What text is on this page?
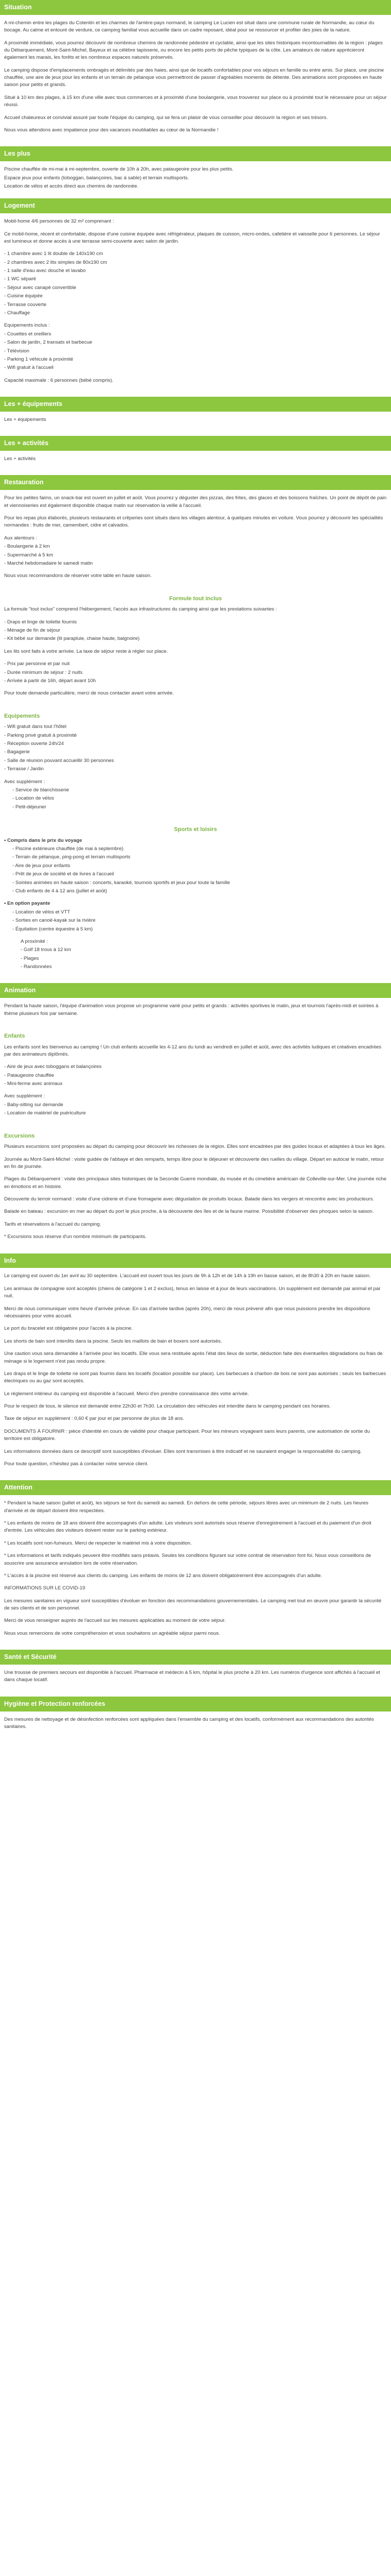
Situation

A mi-chemin entre les plages du Cotentin et les charmes de l'arrière-pays normand, le camping Le Lucien est situé dans une commune rurale de Normandie, au cœur du bocage. Au calme et entouré de verdure, ce camping familial vous accueille dans un cadre reposant, idéal pour se ressourcer et profiter des joies de la nature.

A proximité immédiate, vous pourrez découvrir de nombreux chemins de randonnée pédestre et cyclable, ainsi que les sites historiques incontournables de la région : plages du Débarquement, Mont-Saint-Michel, Bayeux et sa célèbre tapisserie, ou encore les petits ports de pêche typiques de la côte. Les amateurs de nature apprécieront également les marais, les forêts et les nombreux espaces naturels préservés.

Le camping dispose d'emplacements ombragés et délimités par des haies, ainsi que de locatifs confortables pour vos séjours en famille ou entre amis. Sur place, une piscine chauffée, une aire de jeux pour les enfants et un terrain de pétanque vous permettront de passer d'agréables moments de détente. Des animations sont proposées en haute saison pour petits et grands.

Situé à 10 km des plages, à 15 km d'une ville avec tous commerces et à proximité d'une boulangerie, vous trouverez sur place ou à proximité tout le nécessaire pour un séjour réussi.

Accueil chaleureux et convivial assuré par toute l'équipe du camping, qui se fera un plaisir de vous conseiller pour découvrir la région et ses trésors.

Nous vous attendons avec impatience pour des vacances inoubliables au cœur de la Normandie !

Les plus
Piscine chauffée de mi-mai à mi-septembre, ouverte de 10h à 20h, avec pataugeoire pour les plus petits.
Espace jeux pour enfants (toboggan, balançoires, bac à sable) et terrain multisports.
Location de vélos et accès direct aux chemins de randonnée.
Logement

Mobil-home 4/6 personnes de 32 m² comprenant :

Ce mobil-home, récent et confortable, dispose d'une cuisine équipée avec réfrigérateur, plaques de cuisson, micro-ondes, cafetière et vaisselle pour 6 personnes. Le séjour est lumineux et donne accès à une terrasse semi-couverte avec salon de jardin.

- 1 chambre avec 1 lit double de 140x190 cm
- 2 chambres avec 2 lits simples de 80x190 cm
- 1 salle d'eau avec douche et lavabo
- 1 WC séparé
- Séjour avec canapé convertible
- Cuisine équipée
- Terrasse couverte
- Chauffage
Equipements inclus :
- Couettes et oreillers
- Salon de jardin, 2 transats et barbecue
- Télévision
- Parking 1 véhicule à proximité
- Wifi gratuit à l'accueil

Capacité maximale : 6 personnes (bébé compris).

Les + équipements

Les + équipements

Les + activités

Les + activités

Restauration

Pour les petites faims, un snack-bar est ouvert en juillet et août. Vous pourrez y déguster des pizzas, des frites, des glaces et des boissons fraîches. Un point de dépôt de pain et viennoiseries est également disponible chaque matin sur réservation la veille à l'accueil.

Pour les repas plus élaborés, plusieurs restaurants et crêperies sont situés dans les villages alentour, à quelques minutes en voiture. Vous pourrez y découvrir les spécialités normandes : fruits de mer, camembert, cidre et calvados.

Aux alentours :
- Boulangerie à 2 km
- Supermarché à 5 km
- Marché hebdomadaire le samedi matin

Nous vous recommandons de réserver votre table en haute saison.

Formule tout inclus

La formule "tout inclus" comprend l'hébergement, l'accès aux infrastructures du camping ainsi que les prestations suivantes :

- Draps et linge de toilette fournis
- Ménage de fin de séjour
- Kit bébé sur demande (lit parapluie, chaise haute, baignoire)

Les lits sont faits à votre arrivée. La taxe de séjour reste à régler sur place.

- Prix par personne et par nuit
- Durée minimum de séjour : 2 nuits
- Arrivée à partir de 16h, départ avant 10h

Pour toute demande particulière, merci de nous contacter avant votre arrivée.

Equipements
- Wifi gratuit dans tout l'hôtel
- Parking privé gratuit à proximité
- Réception ouverte 24h/24
- Bagagerie
- Salle de réunion pouvant accueillir 30 personnes
- Terrasse / Jardin
Avec supplément :
- Service de blanchisserie
- Location de vélos
- Petit-déjeuner
Sports et loisirs
• Compris dans le prix du voyage
- Piscine extérieure chauffée (de mai à septembre)
- Terrain de pétanque, ping-pong et terrain multisports
- Aire de jeux pour enfants
- Prêt de jeux de société et de livres à l'accueil
- Soirées animées en haute saison : concerts, karaoké, tournois sportifs et jeux pour toute la famille
- Club enfants de 4 à 12 ans (juillet et août)
• En option payante
- Location de vélos et VTT
- Sorties en canoë-kayak sur la rivière
- Équitation (centre équestre à 5 km)
A proximité :
- Golf 18 trous à 12 km
- Plages
- Randonnées
Animation

Pendant la haute saison, l'équipe d'animation vous propose un programme varié pour petits et grands : activités sportives le matin, jeux et tournois l'après-midi et soirées à thème plusieurs fois par semaine.

Enfants

Les enfants sont les bienvenus au camping ! Un club enfants accueille les 4-12 ans du lundi au vendredi en juillet et août, avec des activités ludiques et créatives encadrées par des animateurs diplômés.

- Aire de jeux avec toboggans et balançoires
- Pataugeoire chauffée
- Mini-ferme avec animaux
Avec supplément :
- Baby-sitting sur demande
- Location de matériel de puériculture
Excursions

Plusieurs excursions sont proposées au départ du camping pour découvrir les richesses de la région. Elles sont encadrées par des guides locaux et adaptées à tous les âges.

Journée au Mont-Saint-Michel : visite guidée de l'abbaye et des remparts, temps libre pour le déjeuner et découverte des ruelles du village. Départ en autocar le matin, retour en fin de journée.

Plages du Débarquement : visite des principaux sites historiques de la Seconde Guerre mondiale, du musée et du cimetière américain de Colleville-sur-Mer. Une journée riche en émotions et en histoire.

Découverte du terroir normand : visite d'une cidrerie et d'une fromagerie avec dégustation de produits locaux. Balade dans les vergers et rencontre avec les producteurs.

Balade en bateau : excursion en mer au départ du port le plus proche, à la découverte des îles et de la faune marine. Possibilité d'observer des phoques selon la saison.

Tarifs et réservations à l'accueil du camping.

* Excursions sous réserve d'un nombre minimum de participants.

Info

Le camping est ouvert du 1er avril au 30 septembre. L'accueil est ouvert tous les jours de 9h à 12h et de 14h à 19h en basse saison, et de 8h30 à 20h en haute saison.

Les animaux de compagnie sont acceptés (chiens de catégorie 1 et 2 exclus), tenus en laisse et à jour de leurs vaccinations. Un supplément est demandé par animal et par nuit.

Merci de nous communiquer votre heure d'arrivée prévue. En cas d'arrivée tardive (après 20h), merci de nous prévenir afin que nous puissions prendre les dispositions nécessaires pour votre accueil.

Le port du bracelet est obligatoire pour l'accès à la piscine.

Les shorts de bain sont interdits dans la piscine. Seuls les maillots de bain et boxers sont autorisés.

Une caution vous sera demandée à l'arrivée pour les locatifs. Elle vous sera restituée après l'état des lieux de sortie, déduction faite des éventuelles dégradations ou frais de ménage si le logement n'est pas rendu propre.

Les draps et le linge de toilette ne sont pas fournis dans les locatifs (location possible sur place). Les barbecues à charbon de bois ne sont pas autorisés ; seuls les barbecues électriques ou au gaz sont acceptés.

Le règlement intérieur du camping est disponible à l'accueil. Merci d'en prendre connaissance dès votre arrivée.

Pour le respect de tous, le silence est demandé entre 22h30 et 7h30. La circulation des véhicules est interdite dans le camping pendant ces horaires.

Taxe de séjour en supplément : 0,60 € par jour et par personne de plus de 18 ans.

DOCUMENTS À FOURNIR : pièce d'identité en cours de validité pour chaque participant. Pour les mineurs voyageant sans leurs parents, une autorisation de sortie du territoire est obligatoire.

Les informations données dans ce descriptif sont susceptibles d'évoluer. Elles sont transmises à titre indicatif et ne sauraient engager la responsabilité du camping.

Pour toute question, n'hésitez pas à contacter notre service client.

Attention

* Pendant la haute saison (juillet et août), les séjours se font du samedi au samedi. En dehors de cette période, séjours libres avec un minimum de 2 nuits. Les heures d'arrivée et de départ doivent être respectées.

* Les enfants de moins de 18 ans doivent être accompagnés d'un adulte. Les visiteurs sont autorisés sous réserve d'enregistrement à l'accueil et du paiement d'un droit d'entrée. Les véhicules des visiteurs doivent rester sur le parking extérieur.

* Les locatifs sont non-fumeurs. Merci de respecter le matériel mis à votre disposition.

* Les informations et tarifs indiqués peuvent être modifiés sans préavis. Seules les conditions figurant sur votre contrat de réservation font foi. Nous vous conseillons de souscrire une assurance annulation lors de votre réservation.

* L'accès à la piscine est réservé aux clients du camping. Les enfants de moins de 12 ans doivent obligatoirement être accompagnés d'un adulte.

INFORMATIONS SUR LE COVID-19

Les mesures sanitaires en vigueur sont susceptibles d'évoluer en fonction des recommandations gouvernementales. Le camping met tout en œuvre pour garantir la sécurité de ses clients et de son personnel.

Merci de vous renseigner auprès de l'accueil sur les mesures applicables au moment de votre séjour.

Nous vous remercions de votre compréhension et vous souhaitons un agréable séjour parmi nous.

Santé et Sécurité

Une trousse de premiers secours est disponible à l'accueil. Pharmacie et médecin à 5 km, hôpital le plus proche à 20 km. Les numéros d'urgence sont affichés à l'accueil et dans chaque locatif.

Hygiène et Protection renforcées

Des mesures de nettoyage et de désinfection renforcées sont appliquées dans l'ensemble du camping et des locatifs, conformément aux recommandations des autorités sanitaires.
